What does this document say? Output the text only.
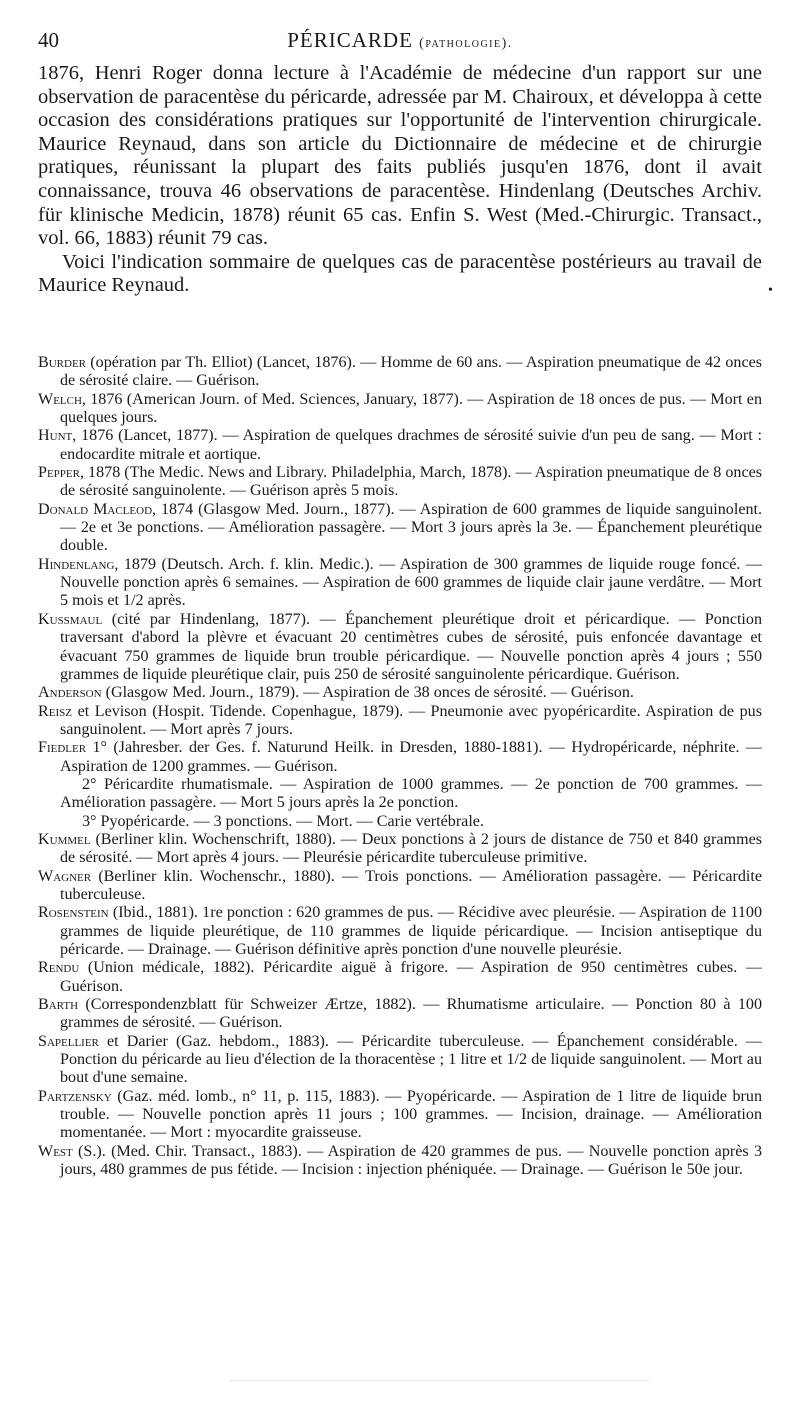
40	PÉRICARDE (pathologie).

1876, Henri Roger donna lecture à l'Académie de médecine d'un rapport sur une observation de paracentèse du péricarde, adressée par M. Chairoux, et développa à cette occasion des considérations pratiques sur l'opportunité de l'intervention chirurgicale. Maurice Reynaud, dans son article du Dictionnaire de médecine et de chirurgie pratiques, réunissant la plupart des faits publiés jusqu'en 1876, dont il avait connaissance, trouva 46 observations de paracentèse. Hindenlang (Deutsches Archiv. für klinische Medicin, 1878) réunit 65 cas. Enfin S. West (Med.-Chirurgic. Transact., vol. 66, 1883) réunit 79 cas.

Voici l'indication sommaire de quelques cas de paracentèse postérieurs au travail de Maurice Reynaud.	•

Burder (opération par Th. Elliot) (Lancet, 1876). — Homme de 60 ans. — Aspiration pneumatique de 42 onces de sérosité claire. — Guérison.

Welch, 1876 (American Journ. of Med. Sciences, January, 1877). — Aspiration de 18 onces de pus. — Mort en quelques jours.

Hunt, 1876 (Lancet, 1877). — Aspiration de quelques drachmes de sérosité suivie d'un peu de sang. — Mort : endocardite mitrale et aortique.

Pepper, 1878 (The Medic. News and Library. Philadelphia, March, 1878). — Aspiration pneumatique de 8 onces de sérosité sanguinolente. — Guérison après 5 mois.

Donald Macleod, 1874 (Glasgow Med. Journ., 1877). — Aspiration de 600 grammes de liquide sanguinolent. — 2e et 3e ponctions. — Amélioration passagère. — Mort 3 jours après la 3e. — Épanchement pleurétique double.

Hindenlang, 1879 (Deutsch. Arch. f. klin. Medic.). — Aspiration de 300 grammes de liquide rouge foncé. — Nouvelle ponction après 6 semaines. — Aspiration de 600 grammes de liquide clair jaune verdâtre. — Mort 5 mois et 1/2 après.

Kussmaul (cité par Hindenlang, 1877). — Épanchement pleurétique droit et péricardique. — Ponction traversant d'abord la plèvre et évacuant 20 centimètres cubes de sérosité, puis enfoncée davantage et évacuant 750 grammes de liquide brun trouble péricardique. — Nouvelle ponction après 4 jours ; 550 grammes de liquide pleurétique clair, puis 250 de sérosité sanguinolente péricardique. Guérison.

Anderson (Glasgow Med. Journ., 1879). — Aspiration de 38 onces de sérosité. — Guérison.

Reisz et Levison (Hospit. Tidende. Copenhague, 1879). — Pneumonie avec pyopéricardite. Aspiration de pus sanguinolent. — Mort après 7 jours.

Fiedler 1° (Jahresber. der Ges. f. Naturund Heilk. in Dresden, 1880-1881). — Hydropéricarde, néphrite. — Aspiration de 1200 grammes. — Guérison.

2° Péricardite rhumatismale. — Aspiration de 1000 grammes. — 2e ponction de 700 grammes. — Amélioration passagère. — Mort 5 jours après la 2e ponction.

3° Pyopéricarde. — 3 ponctions. — Mort. — Carie vertébrale.

Kummel (Berliner klin. Wochenschrift, 1880). — Deux ponctions à 2 jours de distance de 750 et 840 grammes de sérosité. — Mort après 4 jours. — Pleurésie péricardite tuberculeuse primitive.

Wagner (Berliner klin. Wochenschr., 1880). — Trois ponctions. — Amélioration passagère. — Péricardite tuberculeuse.

Rosenstein (Ibid., 1881). 1re ponction : 620 grammes de pus. — Récidive avec pleurésie. — Aspiration de 1100 grammes de liquide pleurétique, de 110 grammes de liquide péricardique. — Incision antiseptique du péricarde. — Drainage. — Guérison définitive après ponction d'une nouvelle pleurésie.

Rendu (Union médicale, 1882). Péricardite aiguë à frigore. — Aspiration de 950 centimètres cubes. — Guérison.

Barth (Correspondenzblatt für Schweizer Ærtze, 1882). — Rhumatisme articulaire. — Ponction 80 à 100 grammes de sérosité. — Guérison.

Sapellier et Darier (Gaz. hebdom., 1883). — Péricardite tuberculeuse. — Épanchement considérable. — Ponction du péricarde au lieu d'élection de la thoracentèse ; 1 litre et 1/2 de liquide sanguinolent. — Mort au bout d'une semaine.

Partzensky (Gaz. méd. lomb., n° 11, p. 115, 1883). — Pyopéricarde. — Aspiration de 1 litre de liquide brun trouble. — Nouvelle ponction après 11 jours ; 100 grammes. — Incision, drainage. — Amélioration momentanée. — Mort : myocardite graisseuse.

West (S.). (Med. Chir. Transact., 1883). — Aspiration de 420 grammes de pus. — Nouvelle ponction après 3 jours, 480 grammes de pus fétide. — Incision : injection phéniquée. — Drainage. — Guérison le 50e jour.
